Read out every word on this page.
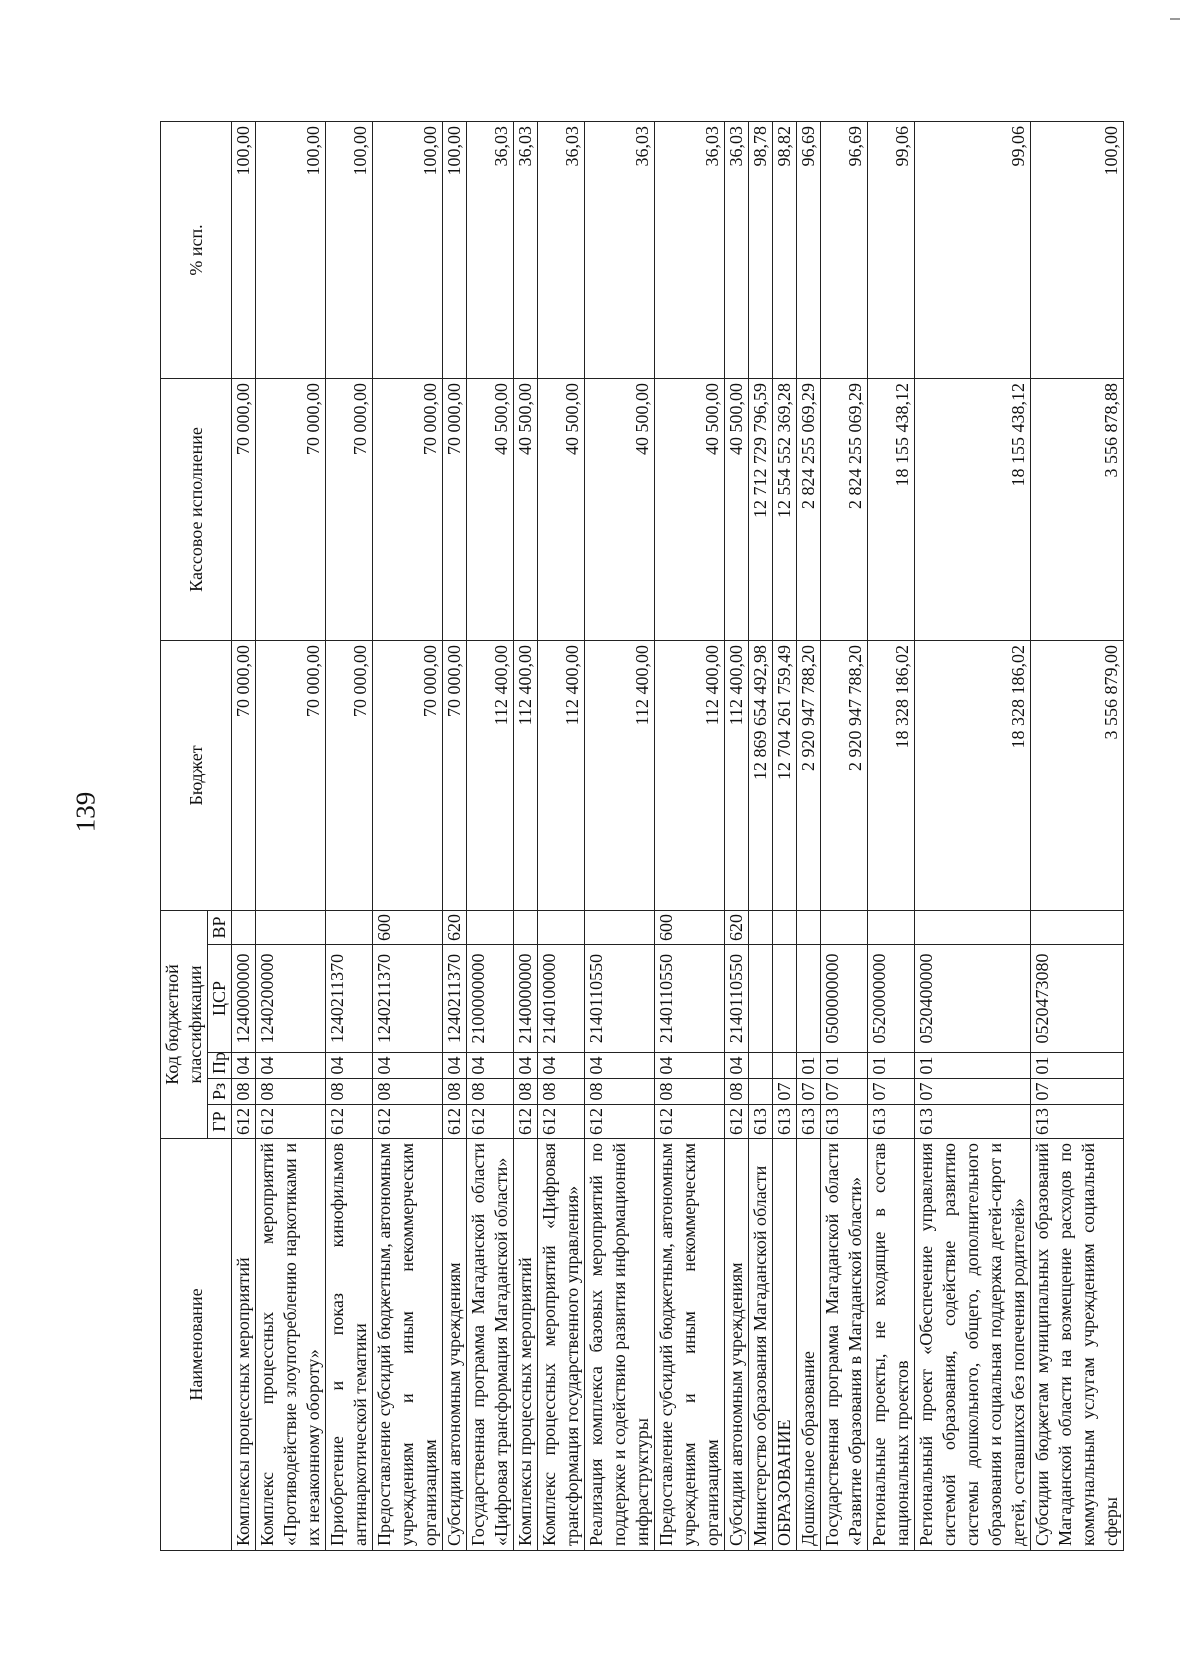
139
Наименование	Код бюджетной классификации					Бюджет	Кассовое исполнение	% исп.
	ГР	Рз	Пр	ЦСР	ВР			
Комплексы процессных мероприятий	612	08	04	1240000000		70 000,00	70 000,00	100,00
Комплекс процессных мероприятий «Противодействие злоупотреблению наркотиками и их незаконному обороту»	612	08	04	1240200000		70 000,00	70 000,00	100,00
Приобретение и показ кинофильмов антинаркотической тематики	612	08	04	1240211370		70 000,00	70 000,00	100,00
Предоставление субсидий бюджетным, автономным учреждениям и иным некоммерческим организациям	612	08	04	1240211370	600	70 000,00	70 000,00	100,00
Субсидии автономным учреждениям	612	08	04	1240211370	620	70 000,00	70 000,00	100,00
Государственная программа Магаданской области «Цифровая трансформация Магаданской области»	612	08	04	2100000000		112 400,00	40 500,00	36,03
Комплексы процессных мероприятий	612	08	04	2140000000		112 400,00	40 500,00	36,03
Комплекс процессных мероприятий «Цифровая трансформация государственного управления»	612	08	04	2140100000		112 400,00	40 500,00	36,03
Реализация комплекса базовых мероприятий по поддержке и содействию развития информационной инфраструктуры	612	08	04	2140110550		112 400,00	40 500,00	36,03
Предоставление субсидий бюджетным, автономным учреждениям и иным некоммерческим организациям	612	08	04	2140110550	600	112 400,00	40 500,00	36,03
Субсидии автономным учреждениям	612	08	04	2140110550	620	112 400,00	40 500,00	36,03
Министерство образования Магаданской области	613					12 869 654 492,98	12 712 729 796,59	98,78
ОБРАЗОВАНИЕ	613	07				12 704 261 759,49	12 554 552 369,28	98,82
Дошкольное образование	613	07	01			2 920 947 788,20	2 824 255 069,29	96,69
Государственная программа Магаданской области «Развитие образования в Магаданской области»	613	07	01	0500000000		2 920 947 788,20	2 824 255 069,29	96,69
Региональные проекты, не входящие в состав национальных проектов	613	07	01	0520000000		18 328 186,02	18 155 438,12	99,06
Региональный проект «Обеспечение управления системой образования, содействие развитию системы дошкольного, общего, дополнительного образования и социальная поддержка детей-сирот и детей, оставшихся без попечения родителей»	613	07	01	0520400000		18 328 186,02	18 155 438,12	99,06
Субсидии бюджетам муниципальных образований Магаданской области на возмещение расходов по коммунальным услугам учреждениям социальной сферы	613	07	01	0520473080		3 556 879,00	3 556 878,88	100,00
